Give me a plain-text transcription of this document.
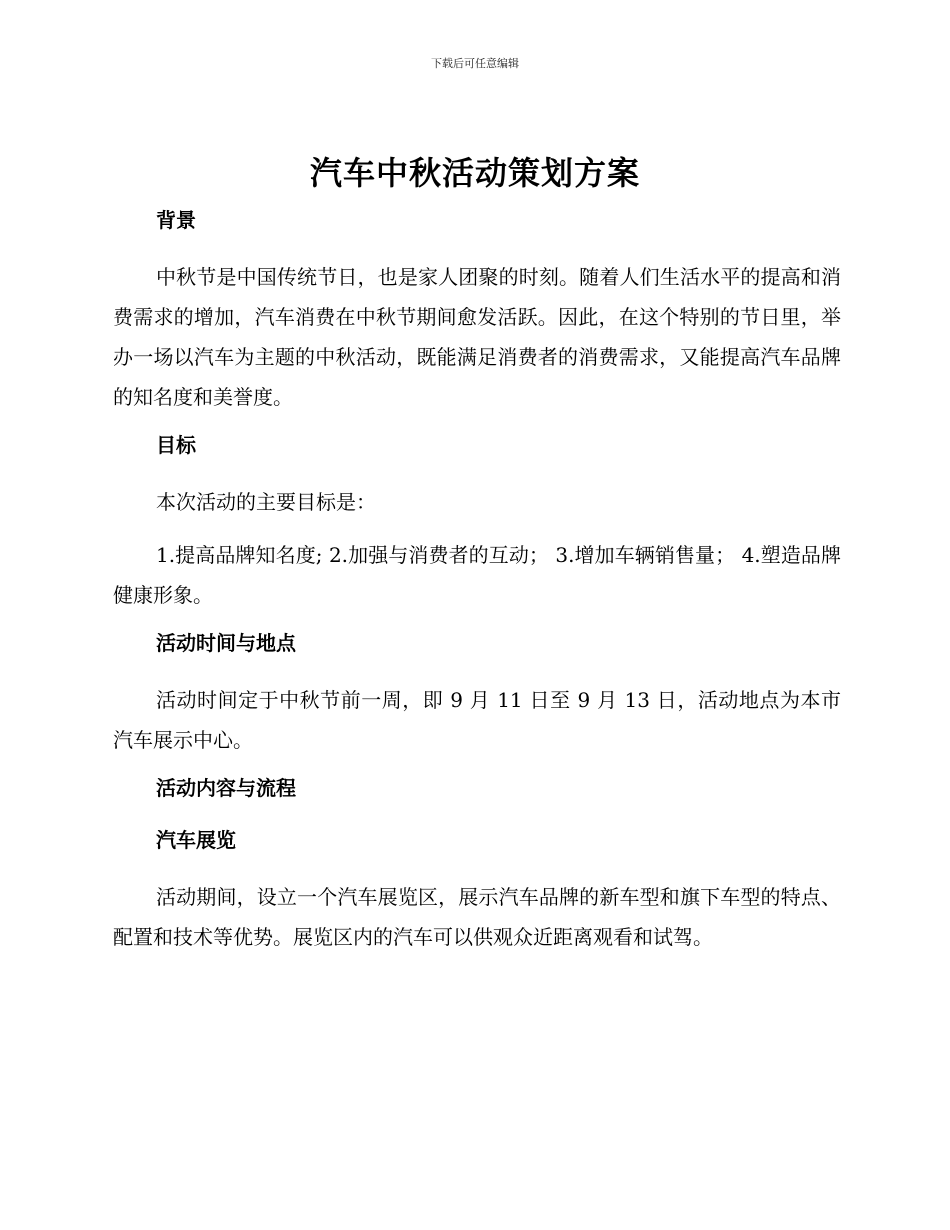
下载后可任意编辑
汽车中秋活动策划方案
背景

中秋节是中国传统节日，也是家人团聚的时刻。随着人们生活水平的提高和消费需求的增加，汽车消费在中秋节期间愈发活跃。因此，在这个特别的节日里，举办一场以汽车为主题的中秋活动，既能满足消费者的消费需求，又能提高汽车品牌的知名度和美誉度。

目标

本次活动的主要目标是：

1.提高品牌知名度; 2.加强与消费者的互动； 3.增加车辆销售量； 4.塑造品牌健康形象。

活动时间与地点

活动时间定于中秋节前一周，即 9 月 11 日至 9 月 13 日，活动地点为本市汽车展示中心。

活动内容与流程
汽车展览

活动期间，设立一个汽车展览区，展示汽车品牌的新车型和旗下车型的特点、配置和技术等优势。展览区内的汽车可以供观众近距离观看和试驾。
